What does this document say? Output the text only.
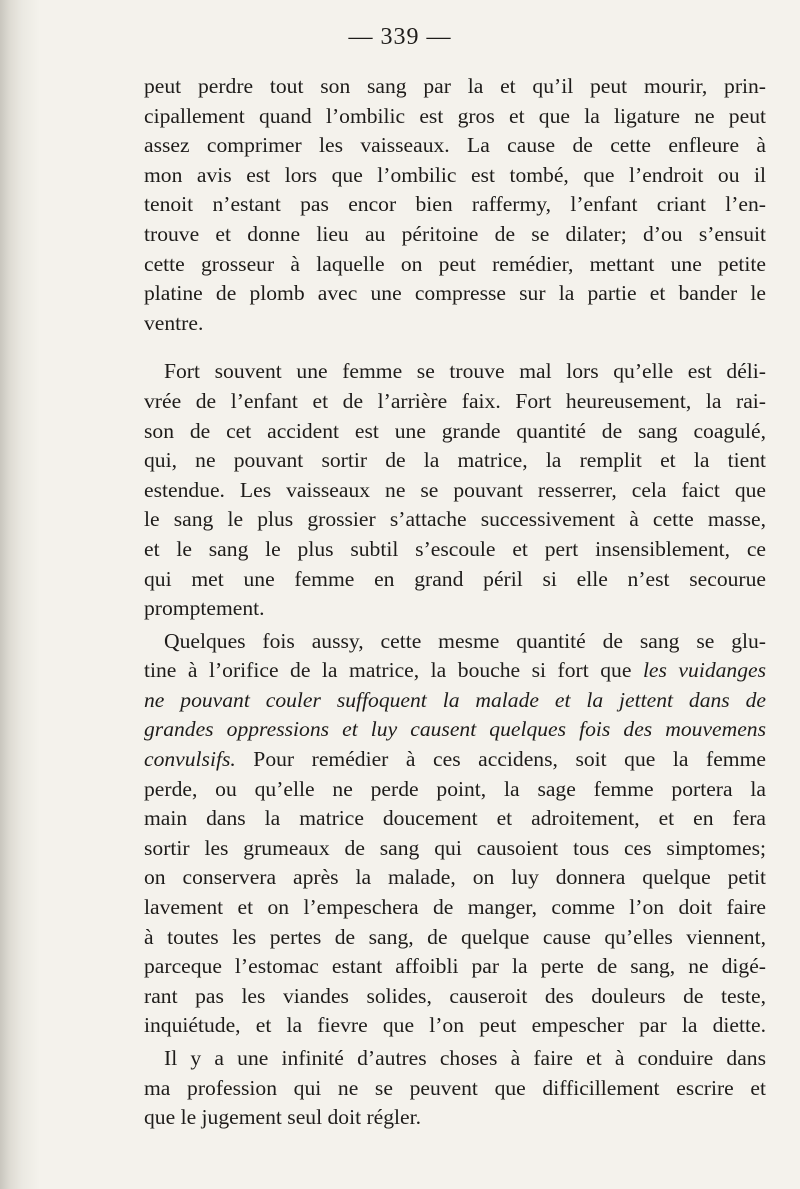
— 339 —
peut perdre tout son sang par la et qu’il peut mourir, prin-
cipallement quand l’ombilic est gros et que la ligature ne peut
assez comprimer les vaisseaux. La cause de cette enfleure à
mon avis est lors que l’ombilic est tombé, que l’endroit ou il
tenoit n’estant pas encor bien raffermy, l’enfant criant l’en-
trouve et donne lieu au péritoine de se dilater; d’ou s’ensuit
cette grosseur à laquelle on peut remédier, mettant une petite
platine de plomb avec une compresse sur la partie et bander le
ventre.
Fort souvent une femme se trouve mal lors qu’elle est déli-
vrée de l’enfant et de l’arrière faix. Fort heureusement, la rai-
son de cet accident est une grande quantité de sang coagulé,
qui, ne pouvant sortir de la matrice, la remplit et la tient
estendue. Les vaisseaux ne se pouvant resserrer, cela faict que
le sang le plus grossier s’attache successivement à cette masse,
et le sang le plus subtil s’escoule et pert insensiblement, ce
qui met une femme en grand péril si elle n’est secourue
promptement.
Quelques fois aussy, cette mesme quantité de sang se glu-
tine à l’orifice de la matrice, la bouche si fort que les vuidanges
ne pouvant couler suffoquent la malade et la jettent dans de
grandes oppressions et luy causent quelques fois des mouvemens
convulsifs. Pour remédier à ces accidens, soit que la femme
perde, ou qu’elle ne perde point, la sage femme portera la
main dans la matrice doucement et adroitement, et en fera
sortir les grumeaux de sang qui causoient tous ces simptomes;
on conservera après la malade, on luy donnera quelque petit
lavement et on l’empeschera de manger, comme l’on doit faire
à toutes les pertes de sang, de quelque cause qu’elles viennent,
parceque l’estomac estant affoibli par la perte de sang, ne digé-
rant pas les viandes solides, causeroit des douleurs de teste,
inquiétude, et la fievre que l’on peut empescher par la diette.
Il y a une infinité d’autres choses à faire et à conduire dans
ma profession qui ne se peuvent que difficillement escrire et
que le jugement seul doit régler.
